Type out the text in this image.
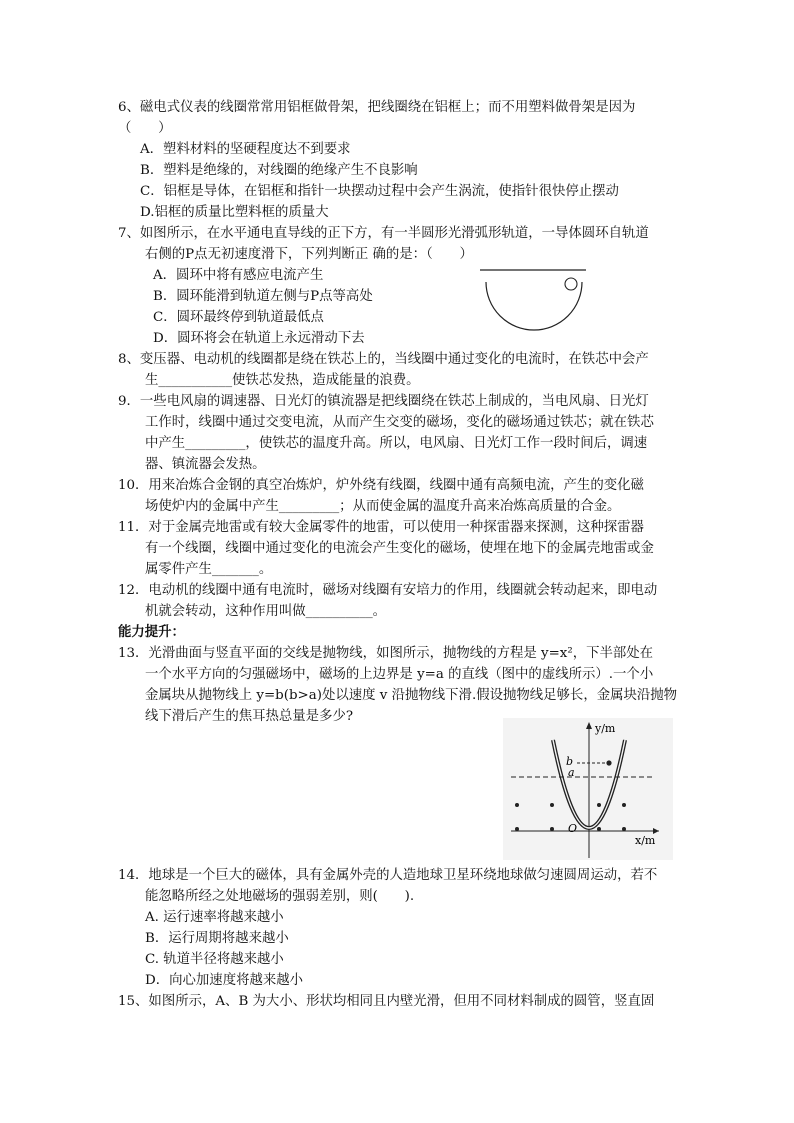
6、磁电式仪表的线圈常常用铝框做骨架，把线圈绕在铝框上；而不用塑料做骨架是因为
（　　）
A．塑料材料的坚硬程度达不到要求
B．塑料是绝缘的，对线圈的绝缘产生不良影响
C．铝框是导体，在铝框和指针一块摆动过程中会产生涡流，使指针很快停止摆动
D.铝框的质量比塑料框的质量大
7、如图所示，在水平通电直导线的正下方，有一半圆形光滑弧形轨道，一导体圆环自轨道
右侧的P点无初速度滑下，下列判断正 确的是：（　　）
A．圆环中将有感应电流产生
B．圆环能滑到轨道左侧与P点等高处
C．圆环最终停到轨道最低点
D．圆环将会在轨道上永远滑动下去
8、变压器、电动机的线圈都是绕在铁芯上的，当线圈中通过变化的电流时，在铁芯中会产
生___________使铁芯发热，造成能量的浪费。
9．一些电风扇的调速器、日光灯的镇流器是把线圈绕在铁芯上制成的，当电风扇、日光灯
工作时，线圈中通过交变电流，从而产生交变的磁场，变化的磁场通过铁芯；就在铁芯
中产生_________，使铁芯的温度升高。所以，电风扇、日光灯工作一段时间后，调速
器、镇流器会发热。
10．用来冶炼合金钢的真空冶炼炉，炉外绕有线圈，线圈中通有高频电流，产生的变化磁
场使炉内的金属中产生_________；从而使金属的温度升高来冶炼高质量的合金。
11．对于金属壳地雷或有较大金属零件的地雷，可以使用一种探雷器来探测，这种探雷器
有一个线圈，线圈中通过变化的电流会产生变化的磁场，使埋在地下的金属壳地雷或金
属零件产生_______。
12．电动机的线圈中通有电流时，磁场对线圈有安培力的作用，线圈就会转动起来，即电动
机就会转动，这种作用叫做__________。
能力提升：
13．光滑曲面与竖直平面的交线是抛物线，如图所示，抛物线的方程是 y=x²，下半部处在
一个水平方向的匀强磁场中，磁场的上边界是 y=a 的直线（图中的虚线所示）.一个小
金属块从抛物线上 y=b(b>a)处以速度 v 沿抛物线下滑.假设抛物线足够长，金属块沿抛物
线下滑后产生的焦耳热总量是多少?
y/m
x/m
O
b
a
14．地球是一个巨大的磁体，具有金属外壳的人造地球卫星环绕地球做匀速圆周运动，若不
能忽略所经之处地磁场的强弱差别，则(　　).
A. 运行速率将越来越小
B．运行周期将越来越小
C. 轨道半径将越来越小
D．向心加速度将越来越小
15、如图所示，A、B 为大小、形状均相同且内壁光滑，但用不同材料制成的圆管，竖直固
